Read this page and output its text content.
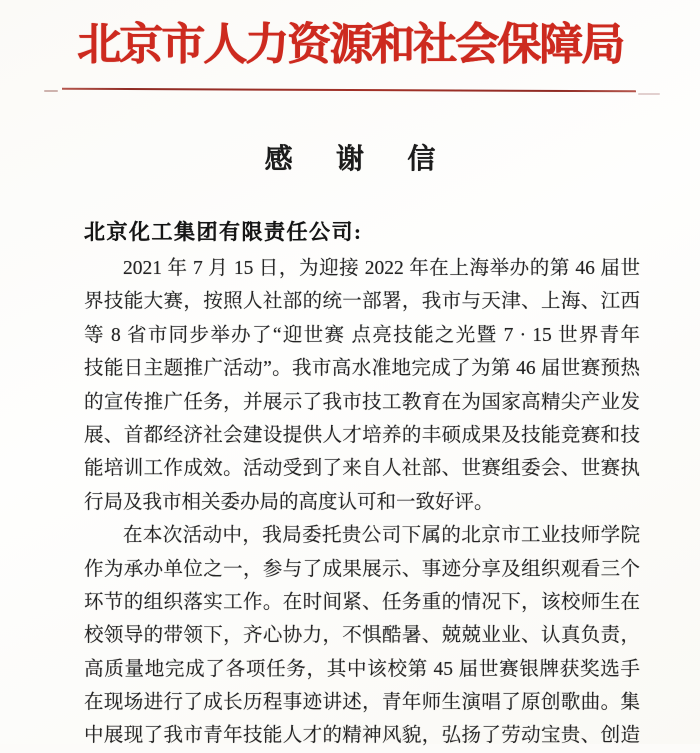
北京市人力资源和社会保障局
感 谢 信
北京化工集团有限责任公司:
2021 年 7 月 15 日，为迎接 2022 年在上海举办的第 46 届世
界技能大赛，按照人社部的统一部署，我市与天津、上海、江西
等 8 省市同步举办了“迎世赛 点亮技能之光暨 7 · 15 世界青年
技能日主题推广活动”。我市高水准地完成了为第 46 届世赛预热
的宣传推广任务，并展示了我市技工教育在为国家高精尖产业发
展、首都经济社会建设提供人才培养的丰硕成果及技能竞赛和技
能培训工作成效。活动受到了来自人社部、世赛组委会、世赛执
行局及我市相关委办局的高度认可和一致好评。
在本次活动中，我局委托贵公司下属的北京市工业技师学院
作为承办单位之一，参与了成果展示、事迹分享及组织观看三个
环节的组织落实工作。在时间紧、任务重的情况下，该校师生在
校领导的带领下，齐心协力，不惧酷暑、兢兢业业、认真负责，
高质量地完成了各项任务，其中该校第 45 届世赛银牌获奖选手
在现场进行了成长历程事迹讲述，青年师生演唱了原创歌曲。集
中展现了我市青年技能人才的精神风貌，弘扬了劳动宝贵、创造
